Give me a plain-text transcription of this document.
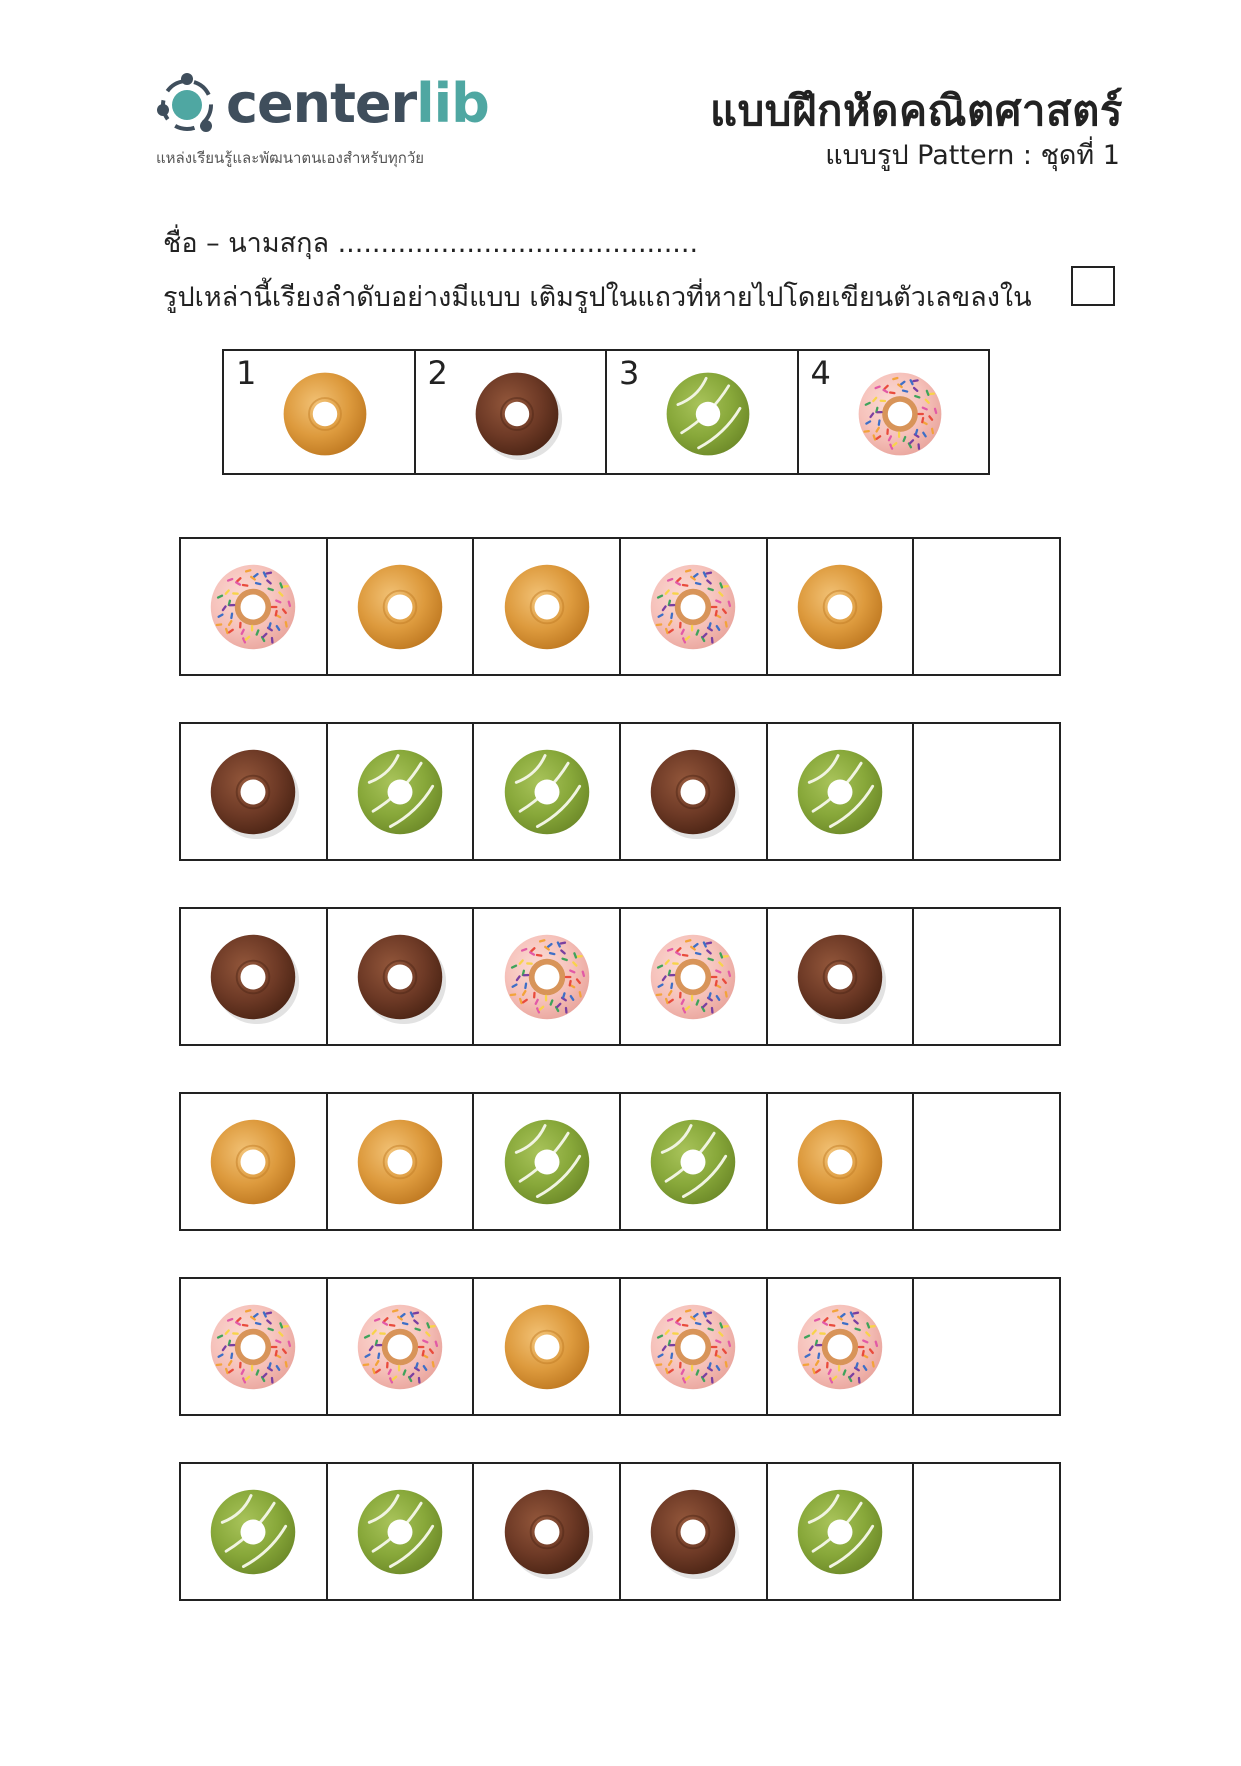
centerlib
แหล่งเรียนรู้และพัฒนาตนเองสำหรับทุกวัย
แบบฝึกหัดคณิตศาสตร์
แบบรูป Pattern : ชุดที่ 1
ชื่อ – นามสกุล ..........................................
รูปเหล่านี้เรียงลำดับอย่างมีแบบ เติมรูปในแถวที่หายไปโดยเขียนตัวเลขลงใน
1	2	3	4
